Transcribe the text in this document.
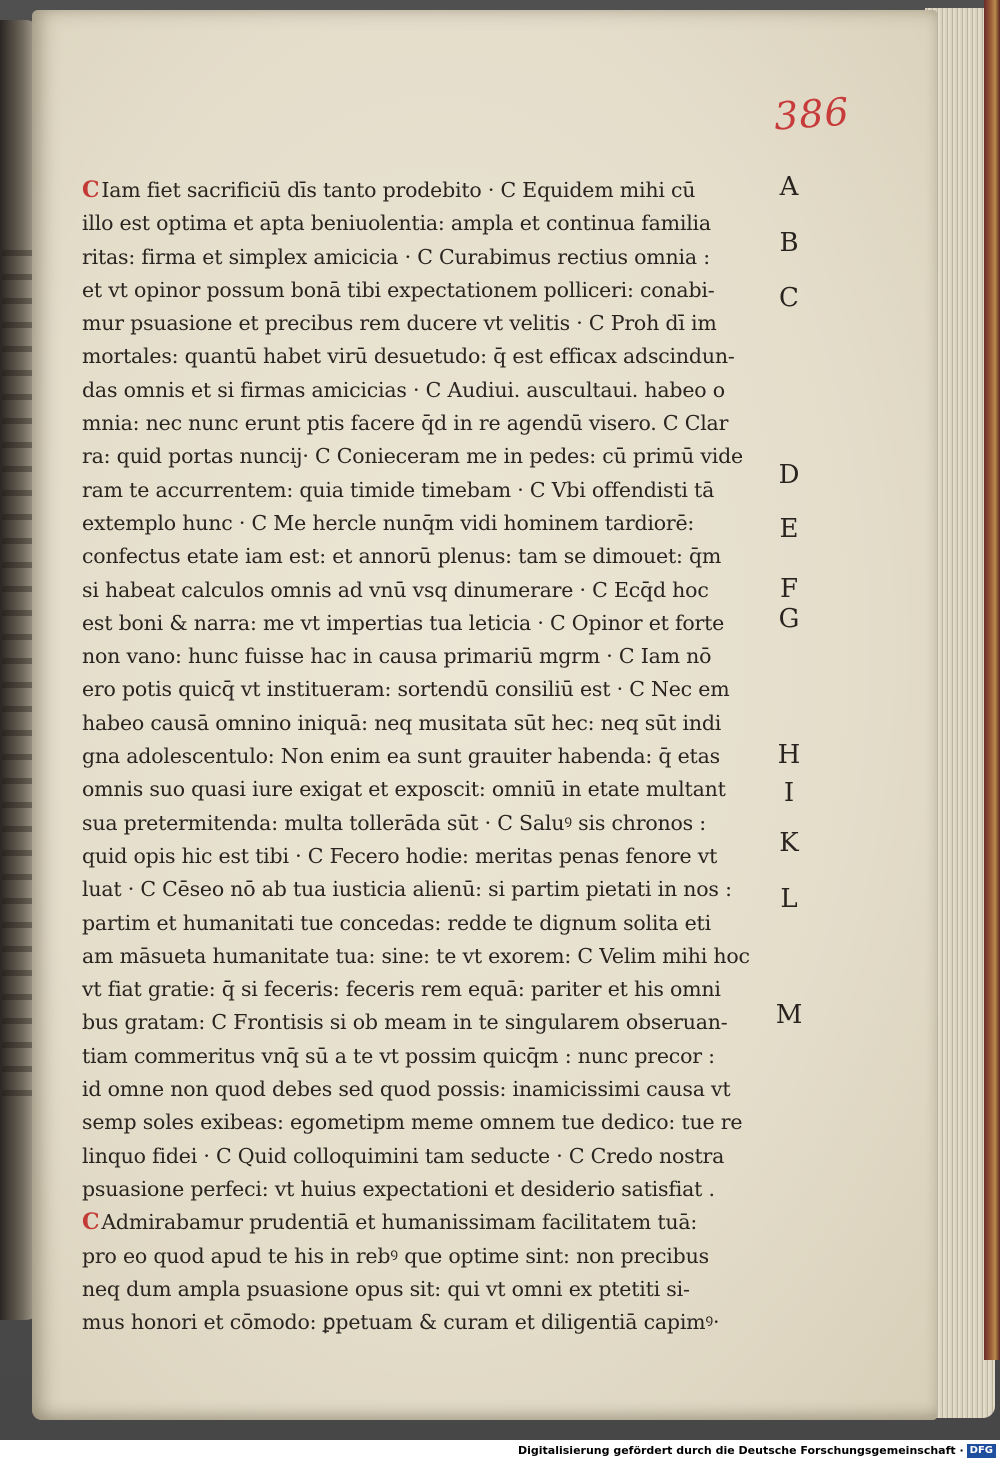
386
CIam fiet sacrificiū dīs tanto prodebito · C Equidem mihi cū
illo est optima et apta beniuolentia: ampla et continua familia
ritas: firma et simplex amicicia · C Curabimus rectius omnia :
et vt opinor possum bonā tibi expectationem polliceri: conabi-
mur psuasione et precibus rem ducere vt velitis · C Proh dī im
mortales: quantū habet virū desuetudo: q̄ est efficax adscindun-
das omnis et si firmas amicicias · C Audiui. auscultaui. habeo o
mnia: nec nunc erunt ptis facere q̄d in re agendū visero. C Clar
ra: quid portas nuncij· C Conieceram me in pedes: cū primū vide
ram te accurrentem: quia timide timebam · C Vbi offendisti tā
extemplo hunc · C Me hercle nunq̄m vidi hominem tardiorē:
confectus etate iam est: et annorū plenus: tam se dimouet: q̄m
si habeat calculos omnis ad vnū vsq dinumerare · C Ecq̄d hoc
est boni & narra: me vt impertias tua leticia · C Opinor et forte
non vano: hunc fuisse hac in causa primariū mgrm · C Iam nō
ero potis quicq̄ vt institueram: sortendū consiliū est · C Nec em
habeo causā omnino iniquā: neq musitata sūt hec: neq sūt indi
gna adolescentulo: Non enim ea sunt grauiter habenda: q̄ etas
omnis suo quasi iure exigat et exposcit: omniū in etate multant
sua pretermitenda: multa tollerāda sūt · C Saluꝰ sis chronos :
quid opis hic est tibi · C Fecero hodie: meritas penas fenore vt
luat · C Cēseo nō ab tua iusticia alienū: si partim pietati in nos :
partim et humanitati tue concedas: redde te dignum solita eti
am māsueta humanitate tua: sine: te vt exorem: C Velim mihi hoc
vt fiat gratie: q̄ si feceris: feceris rem equā: pariter et his omni
bus gratam: C Frontisis si ob meam in te singularem obseruan-
tiam commeritus vnq̄ sū a te vt possim quicq̄m : nunc precor :
id omne non quod debes sed quod possis: inamicissimi causa vt
semp soles exibeas: egometipm meme omnem tue dedico: tue re
linquo fidei · C Quid colloquimini tam seducte · C Credo nostra
psuasione perfeci: vt huius expectationi et desiderio satisfiat .
CAdmirabamur prudentiā et humanissimam facilitatem tuā:
pro eo quod apud te his in rebꝰ que optime sint: non precibus
neq dum ampla psuasione opus sit: qui vt omni ex ptetiti si-
mus honori et cōmodo: ꝑpetuam & curam et diligentiā capimꝰ·
A
B
C
D
E
F
G
H
I
K
L
M
Digitalisierung gefördert durch die Deutsche Forschungsgemeinschaft · DFG
